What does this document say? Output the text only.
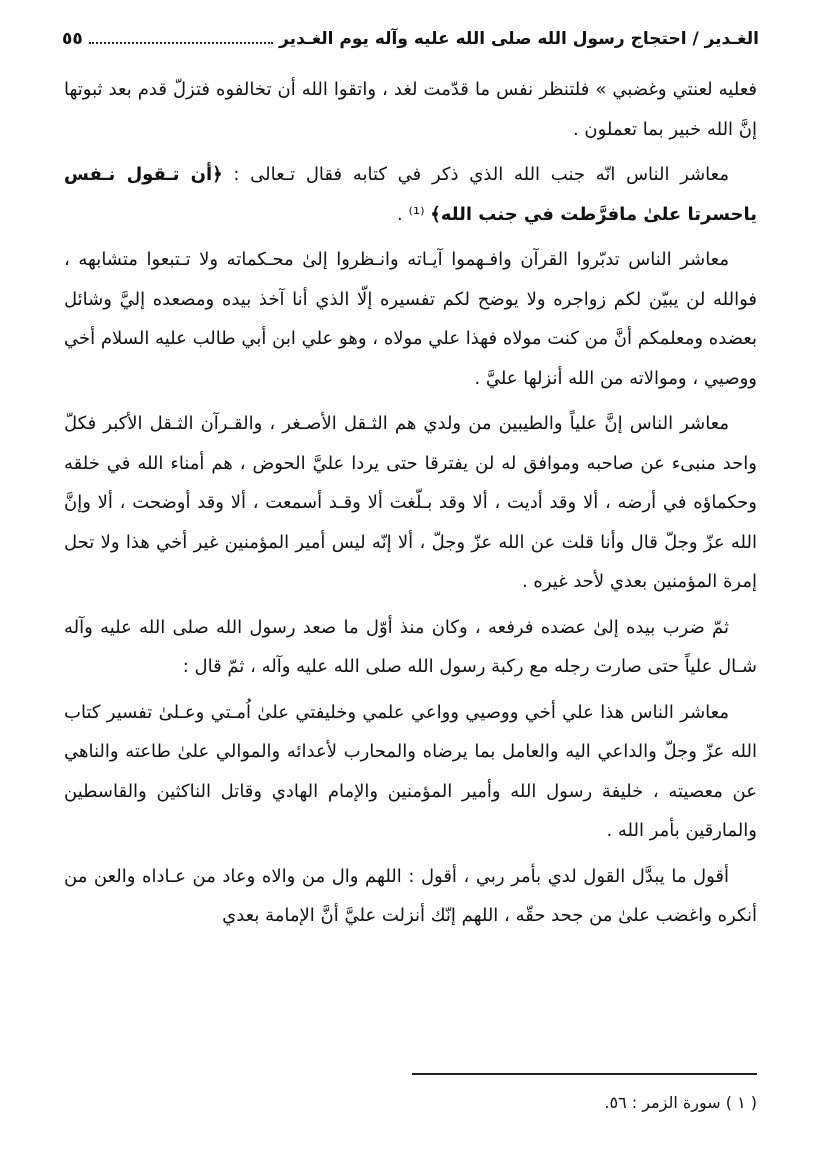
الغـدير / احتجاج رسول الله صلى الله عليه وآله يوم الغـدير
٥٥

فعليه لعنتي وغضبي » فلتنظر نفس ما قدّمت لغد ، واتقوا الله أن تخالفوه فتزلّ قدم بعد ثبوتها إنَّ الله خبير بما تعملون .

معاشر الناس انّه جنب الله الذي ذكر في كتابه فقال تـعالى : ﴿أن تـقول نـفس ياحسرتا علىٰ مافرَّطت في جنب الله﴾ ⁽¹⁾ .

معاشر الناس تدبّروا القرآن وافـهموا آيـاته وانـظروا إلىٰ محـكماته ولا تـتبعوا متشابهه ، فوالله لن يبيّن لكم زواجره ولا يوضح لكم تفسيره إلّا الذي أنا آخذ بيده ومصعده إليَّ وشائل بعضده ومعلمكم أنَّ من كنت مولاه فهذا علي مولاه ، وهو علي ابن أبي طالب عليه السلام أخي ووصيي ، وموالاته من الله أنزلها عليَّ .

معاشر الناس إنَّ علياً والطيبين من ولدي هم الثـقل الأصـغر ، والقـرآن الثـقل الأكبر فكلّ واحد منبىء عن صاحبه وموافق له لن يفترقا حتى يردا عليَّ الحوض ، هم أمناء الله في خلقه وحكماؤه في أرضه ، ألا وقد أديت ، ألا وقد بـلّغت ألا وقـد أسمعت ، ألا وقد أوضحت ، ألا وإنَّ الله عزّ وجلّ قال وأنا قلت عن الله عزّ وجلّ ، ألا إنّه ليس أمير المؤمنين غير أخي هذا ولا تحل إمرة المؤمنين بعدي لأحد غيره .

ثمّ ضرب بيده إلىٰ عضده فرفعه ، وكان منذ أوّل ما صعد رسول الله صلى الله عليه وآله شـال علياً حتى صارت رجله مع ركبة رسول الله صلى الله عليه وآله ، ثمّ قال :

معاشر الناس هذا علي أخي ووصيي وواعي علمي وخليفتي علىٰ اُمـتي وعـلىٰ تفسير كتاب الله عزّ وجلّ والداعي اليه والعامل بما يرضاه والمحارب لأعدائه والموالي علىٰ طاعته والناهي عن معصيته ، خليفة رسول الله وأمير المؤمنين والإمام الهادي وقاتل الناكثين والقاسطين والمارقين بأمر الله .

أقول ما يبدَّل القول لدي بأمر ربي ، أقول : اللهم وال من والاه وعاد من عـاداه والعن من أنكره واغضب علىٰ من جحد حقّه ، اللهم إنّك أنزلت عليَّ أنَّ الإمامة بعدي

( ١ ) سورة الزمر : ٥٦.
